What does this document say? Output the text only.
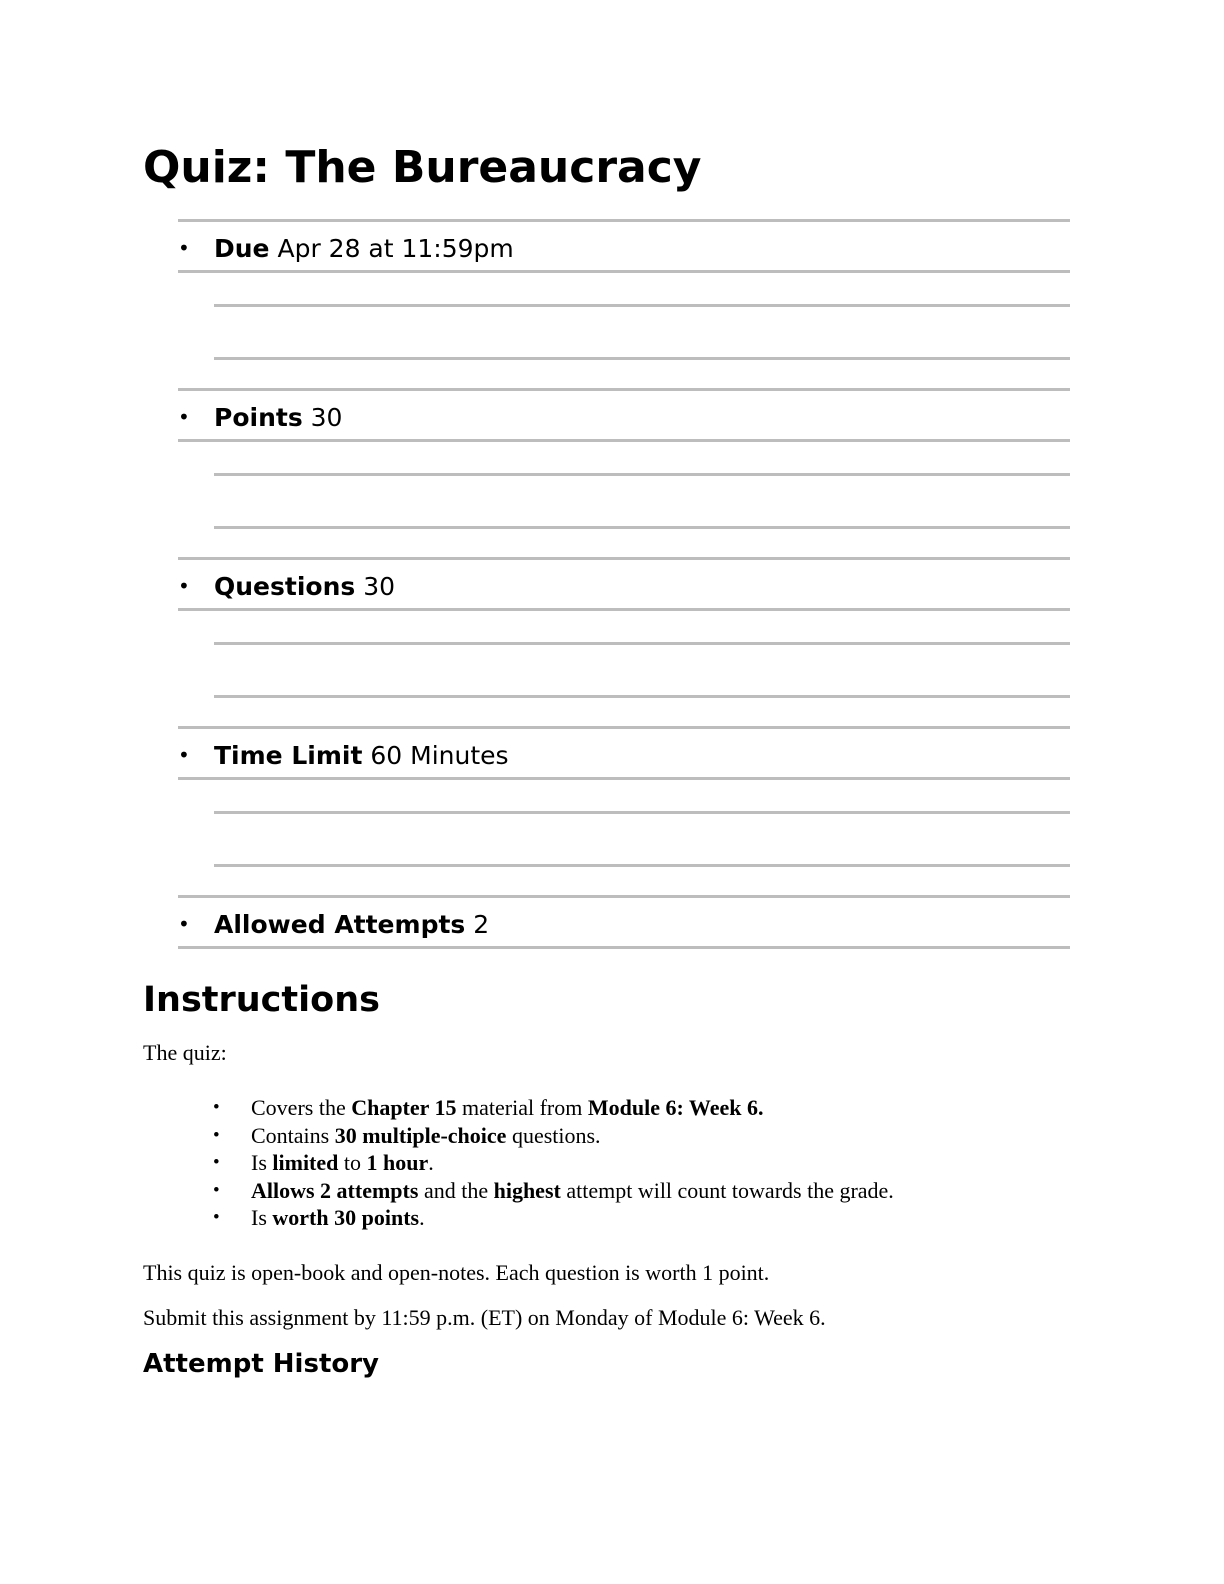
Quiz: The Bureaucracy
• Due Apr 28 at 11:59pm
• Points 30
• Questions 30
• Time Limit 60 Minutes
• Allowed Attempts 2
Instructions

The quiz:

• Covers the Chapter 15 material from Module 6: Week 6.
• Contains 30 multiple-choice questions.
• Is limited to 1 hour.
• Allows 2 attempts and the highest attempt will count towards the grade.
• Is worth 30 points.

This quiz is open-book and open-notes. Each question is worth 1 point.

Submit this assignment by 11:59 p.m. (ET) on Monday of Module 6: Week 6.

Attempt History
